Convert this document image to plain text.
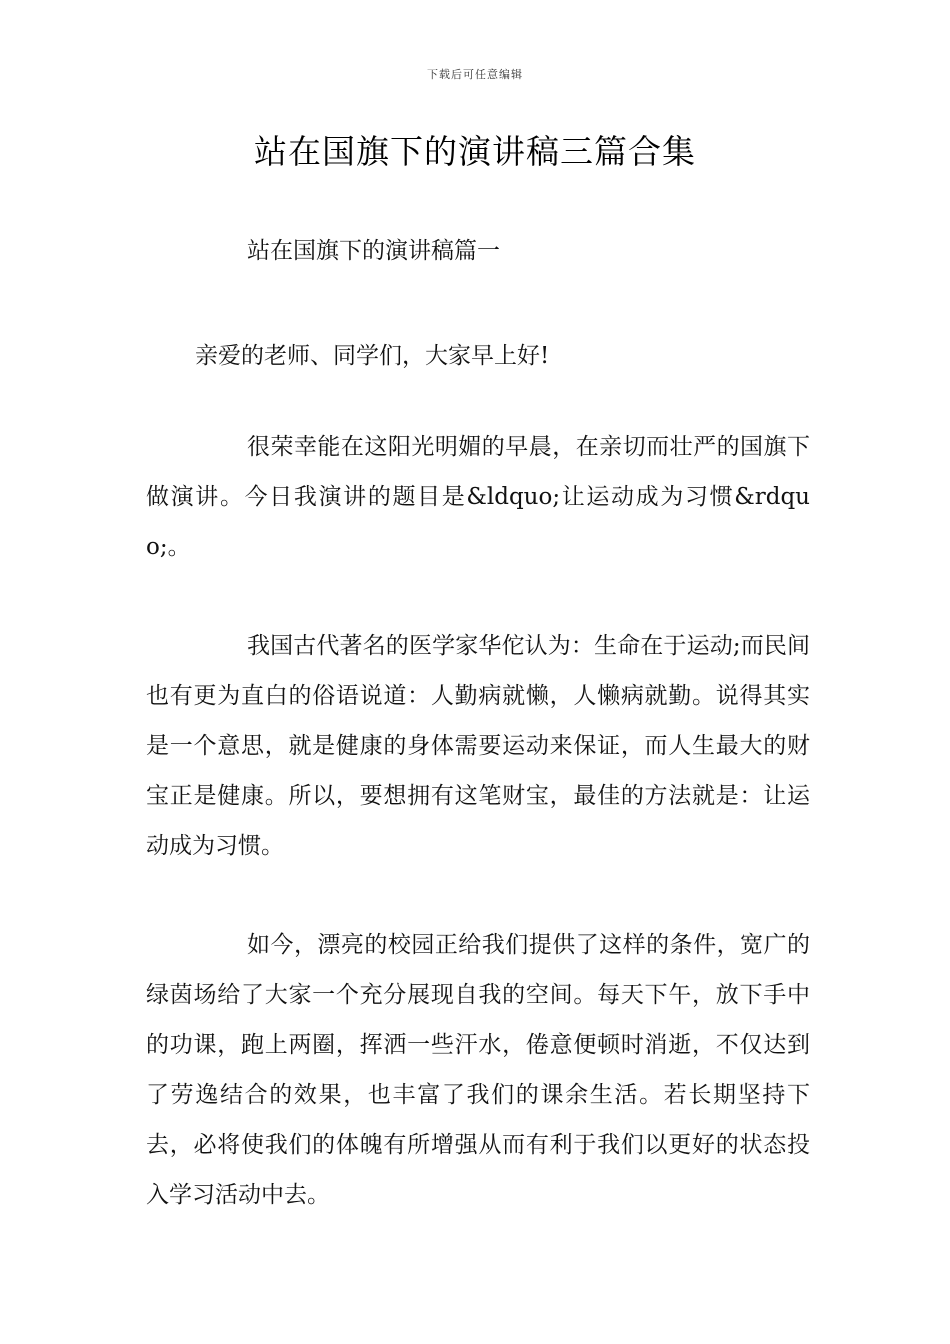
下载后可任意编辑
站在国旗下的演讲稿三篇合集

站在国旗下的演讲稿篇一

亲爱的老师、同学们，大家早上好!

很荣幸能在这阳光明媚的早晨，在亲切而壮严的国旗下做演讲。今日我演讲的题目是&ldquo;让运动成为习惯&rdquo;。

我国古代著名的医学家华佗认为：生命在于运动;而民间也有更为直白的俗语说道：人勤病就懒，人懒病就勤。说得其实是一个意思，就是健康的身体需要运动来保证，而人生最大的财宝正是健康。所以，要想拥有这笔财宝，最佳的方法就是：让运动成为习惯。

如今，漂亮的校园正给我们提供了这样的条件，宽广的绿茵场给了大家一个充分展现自我的空间。每天下午，放下手中的功课，跑上两圈，挥洒一些汗水，倦意便顿时消逝，不仅达到了劳逸结合的效果，也丰富了我们的课余生活。若长期坚持下去，必将使我们的体魄有所增强从而有利于我们以更好的状态投入学习活动中去。
